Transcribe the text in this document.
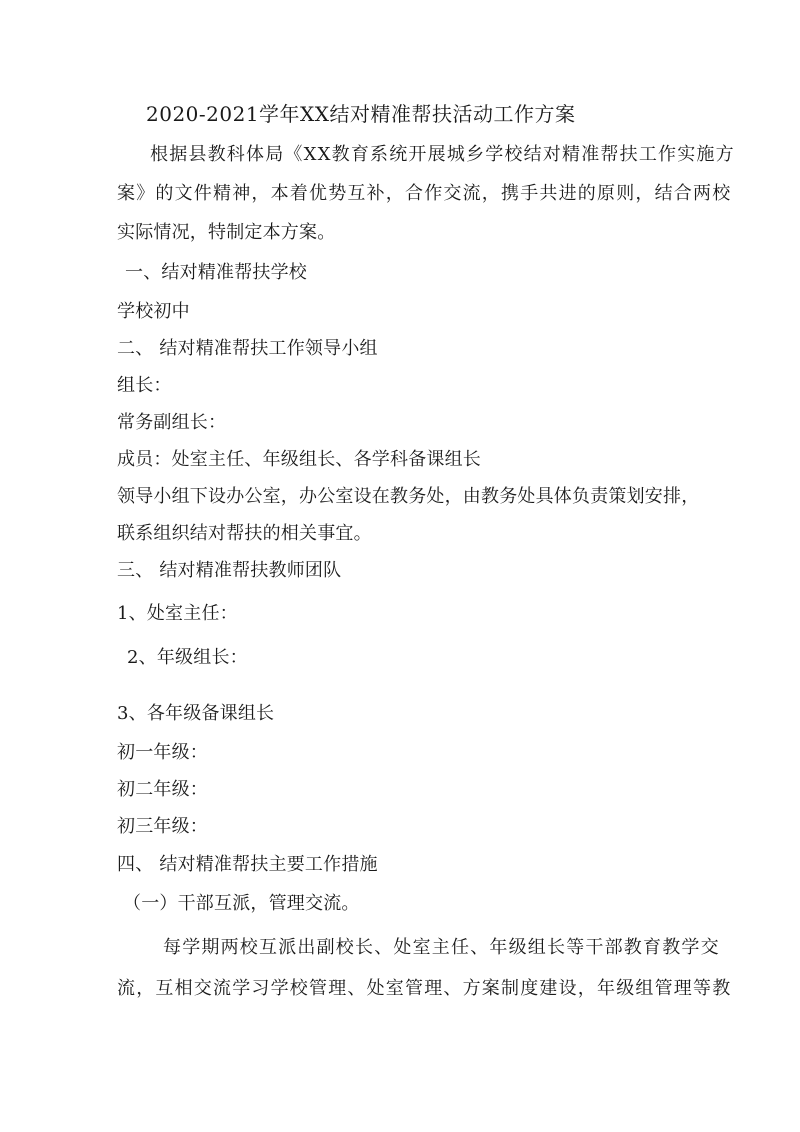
2020-2021学年XX结对精准帮扶活动工作方案
根据县教科体局《XX教育系统开展城乡学校结对精准帮扶工作实施方
案》的文件精神，本着优势互补，合作交流，携手共进的原则，结合两校
实际情况，特制定本方案。
一、结对精准帮扶学校
学校初中
二、 结对精准帮扶工作领导小组
组长：
常务副组长：
成员：处室主任、年级组长、各学科备课组长
领导小组下设办公室，办公室设在教务处，由教务处具体负责策划安排，
联系组织结对帮扶的相关事宜。
三、 结对精准帮扶教师团队
1、处室主任：
2、年级组长：
3、各年级备课组长
初一年级：
初二年级：
初三年级：
四、 结对精准帮扶主要工作措施
（一）干部互派，管理交流。
每学期两校互派出副校长、处室主任、年级组长等干部教育教学交
流，互相交流学习学校管理、处室管理、方案制度建设，年级组管理等教
